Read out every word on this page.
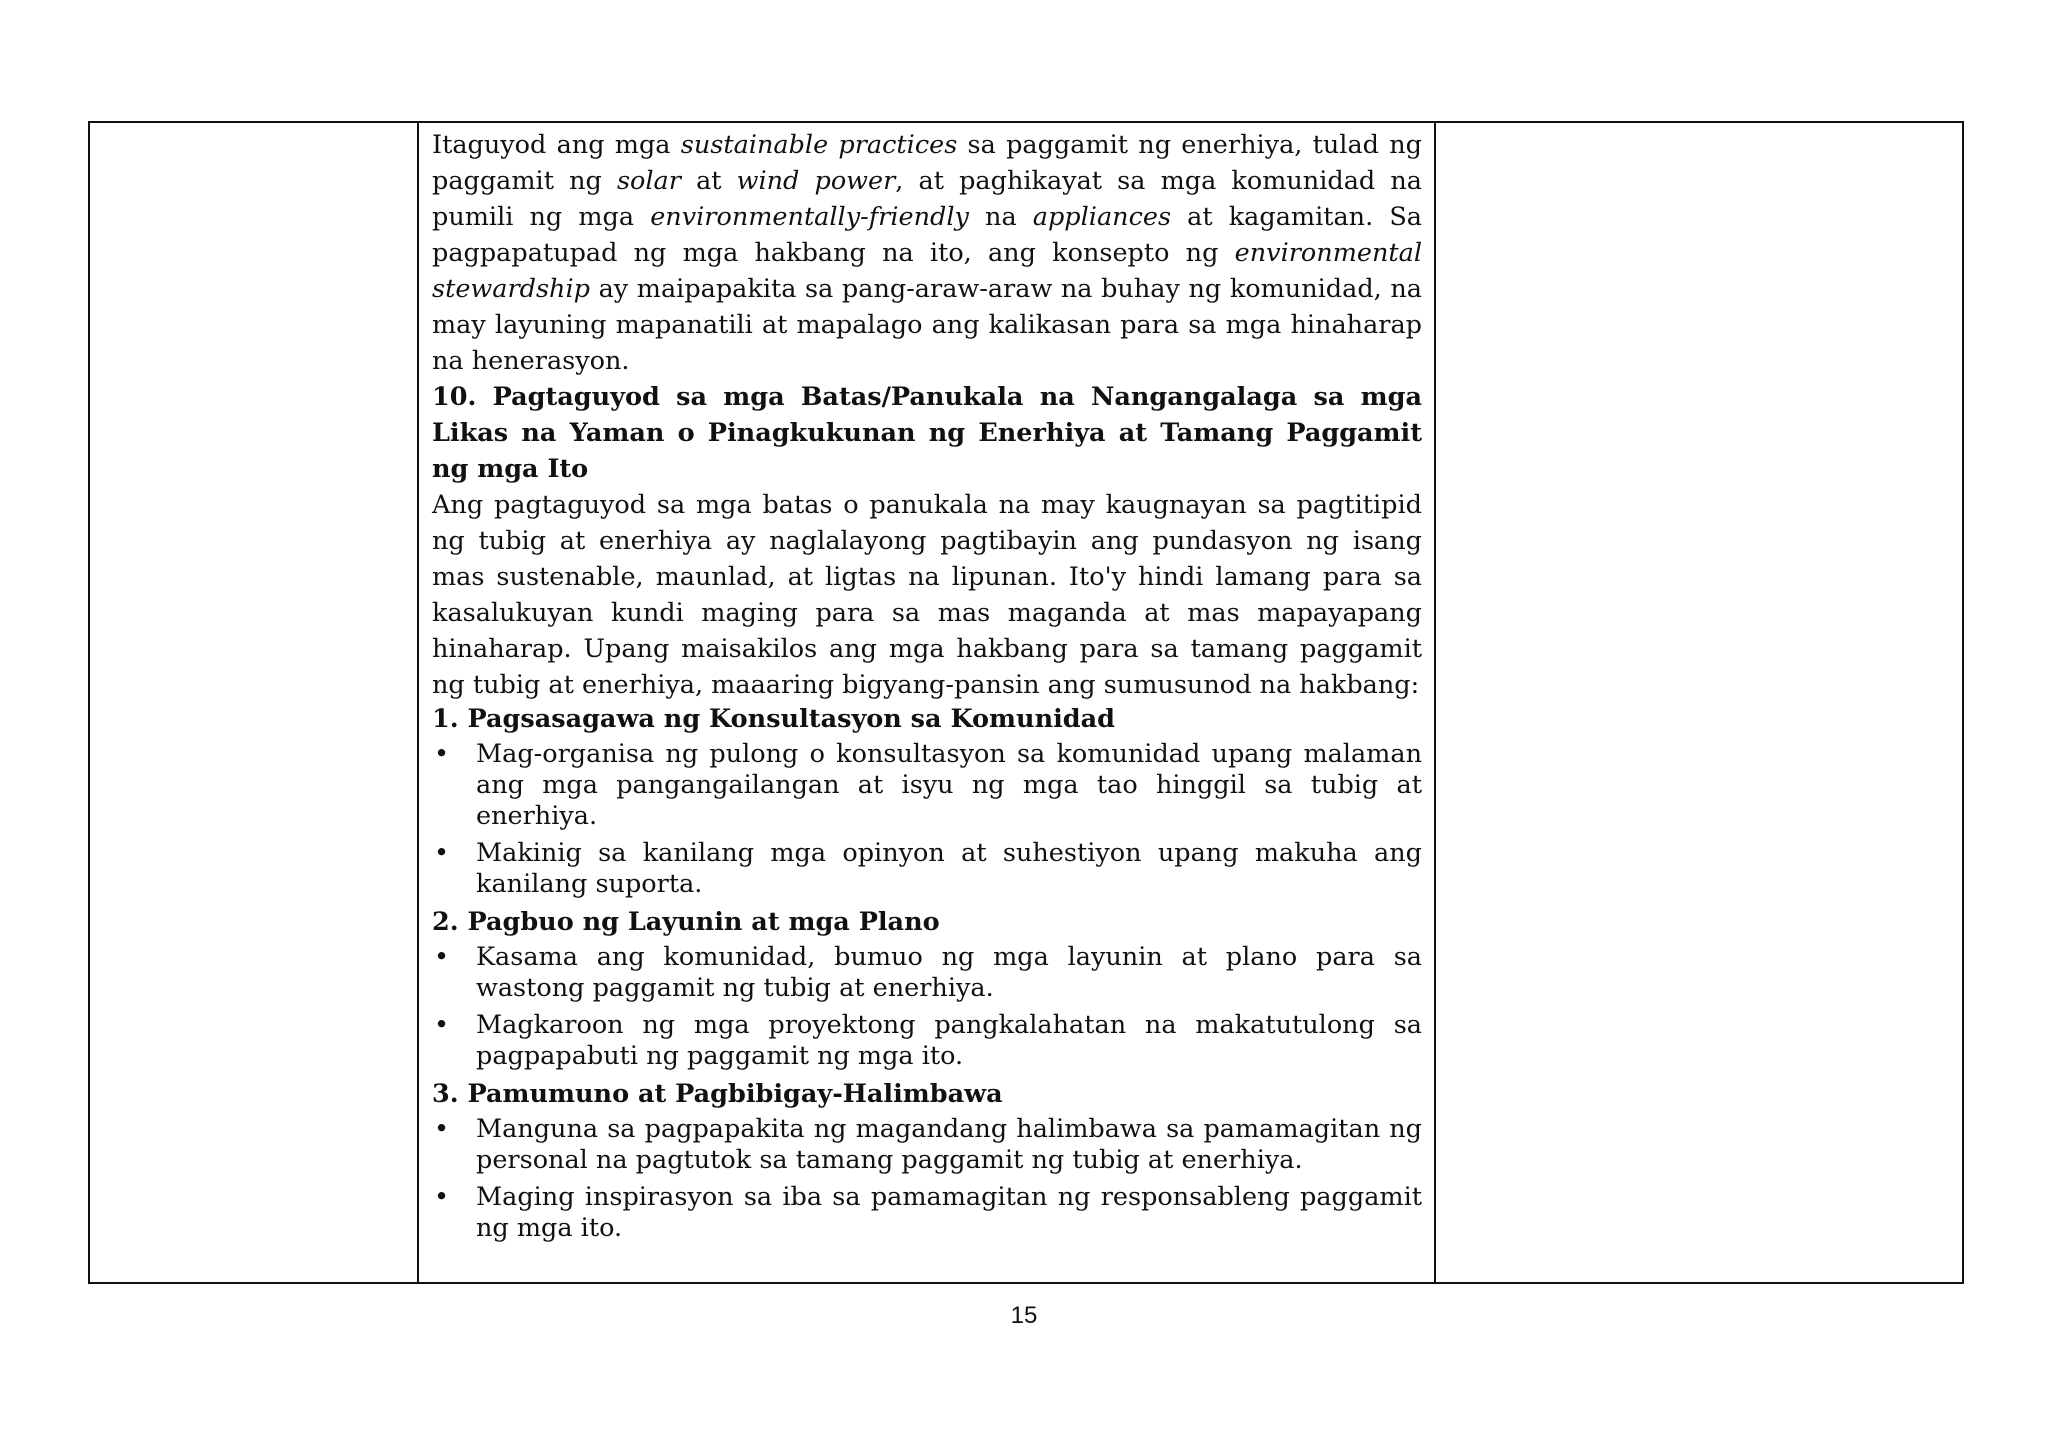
Itaguyod ang mga sustainable practices sa paggamit ng enerhiya, tulad ng paggamit ng solar at wind power, at paghikayat sa mga komunidad na pumili ng mga environmentally-friendly na appliances at kagamitan. Sa pagpapatupad ng mga hakbang na ito, ang konsepto ng environmental stewardship ay maipapakita sa pang-araw-araw na buhay ng komunidad, na may layuning mapanatili at mapalago ang kalikasan para sa mga hinaharap na henerasyon.

10. Pagtaguyod sa mga Batas/Panukala na Nangangalaga sa mga Likas na Yaman o Pinagkukunan ng Enerhiya at Tamang Paggamit ng mga Ito

Ang pagtaguyod sa mga batas o panukala na may kaugnayan sa pagtitipid ng tubig at enerhiya ay naglalayong pagtibayin ang pundasyon ng isang mas sustenable, maunlad, at ligtas na lipunan. Ito'y hindi lamang para sa kasalukuyan kundi maging para sa mas maganda at mas mapayapang hinaharap. Upang maisakilos ang mga hakbang para sa tamang paggamit ng tubig at enerhiya, maaaring bigyang-pansin ang sumusunod na hakbang:

1. Pagsasagawa ng Konsultasyon sa Komunidad

• Mag-organisa ng pulong o konsultasyon sa komunidad upang malaman ang mga pangangailangan at isyu ng mga tao hinggil sa tubig at enerhiya.
• Makinig sa kanilang mga opinyon at suhestiyon upang makuha ang kanilang suporta.

2. Pagbuo ng Layunin at mga Plano

• Kasama ang komunidad, bumuo ng mga layunin at plano para sa wastong paggamit ng tubig at enerhiya.
• Magkaroon ng mga proyektong pangkalahatan na makatutulong sa pagpapabuti ng paggamit ng mga ito.

3. Pamumuno at Pagbibigay-Halimbawa

• Manguna sa pagpapakita ng magandang halimbawa sa pamamagitan ng personal na pagtutok sa tamang paggamit ng tubig at enerhiya.
• Maging inspirasyon sa iba sa pamamagitan ng responsableng paggamit ng mga ito.
15
